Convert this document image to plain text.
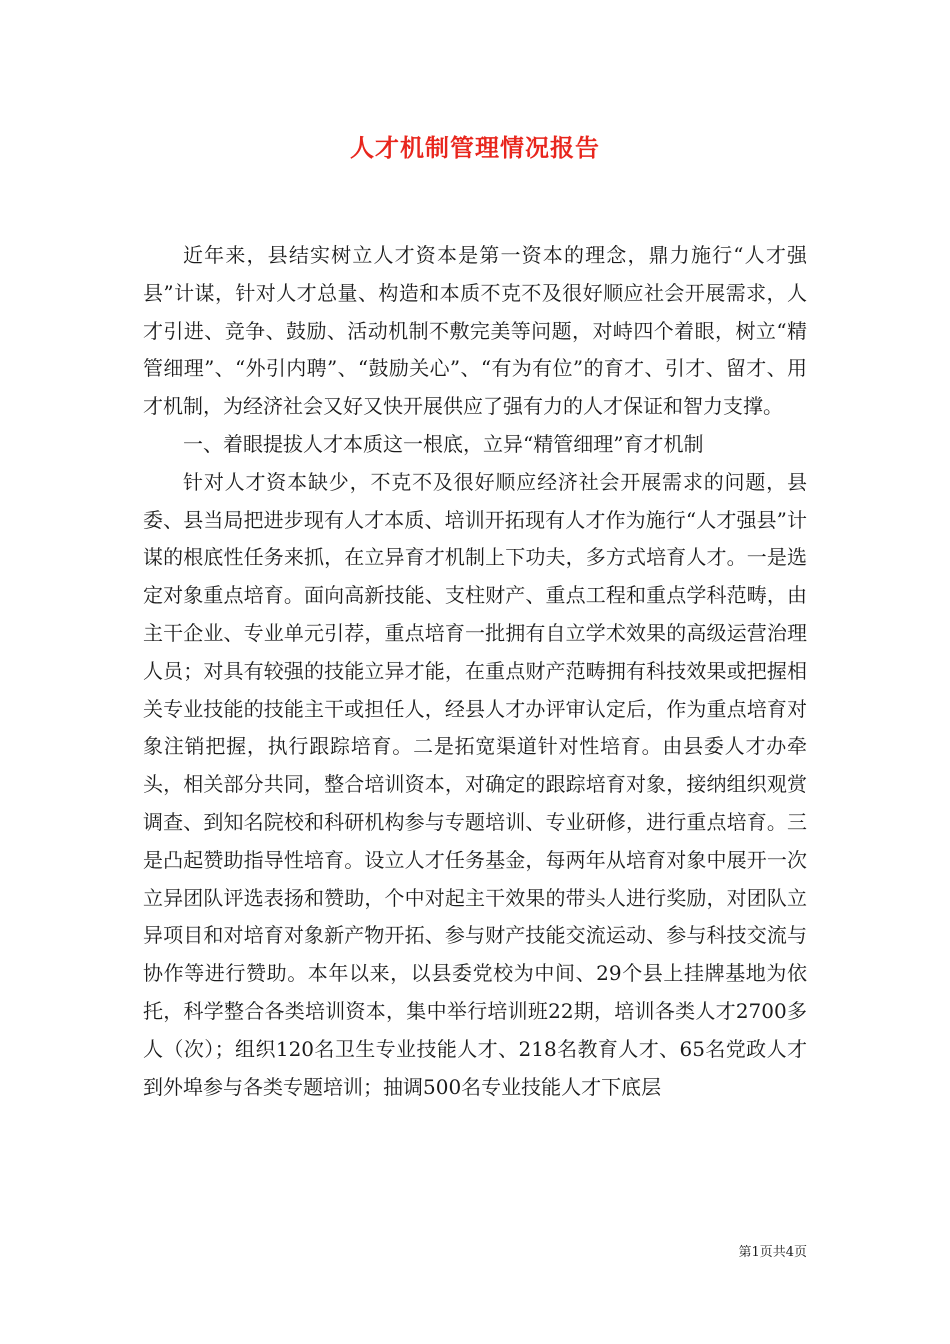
人才机制管理情况报告

近年来，县结实树立人才资本是第一资本的理念，鼎力施行“人才强县”计谋，针对人才总量、构造和本质不克不及很好顺应社会开展需求，人才引进、竞争、鼓励、活动机制不敷完美等问题，对峙四个着眼，树立“精管细理”、“外引内聘”、“鼓励关心”、“有为有位”的育才、引才、留才、用才机制，为经济社会又好又快开展供应了强有力的人才保证和智力支撑。

一、着眼提拔人才本质这一根底，立异“精管细理”育才机制

针对人才资本缺少，不克不及很好顺应经济社会开展需求的问题，县委、县当局把进步现有人才本质、培训开拓现有人才作为施行“人才强县”计谋的根底性任务来抓，在立异育才机制上下功夫，多方式培育人才。一是选定对象重点培育。面向高新技能、支柱财产、重点工程和重点学科范畴，由主干企业、专业单元引荐，重点培育一批拥有自立学术效果的高级运营治理人员；对具有较强的技能立异才能，在重点财产范畴拥有科技效果或把握相关专业技能的技能主干或担任人，经县人才办评审认定后，作为重点培育对象注销把握，执行跟踪培育。二是拓宽渠道针对性培育。由县委人才办牵头，相关部分共同，整合培训资本，对确定的跟踪培育对象，接纳组织观赏调查、到知名院校和科研机构参与专题培训、专业研修，进行重点培育。三是凸起赞助指导性培育。设立人才任务基金，每两年从培育对象中展开一次立异团队评选表扬和赞助，个中对起主干效果的带头人进行奖励，对团队立异项目和对培育对象新产物开拓、参与财产技能交流运动、参与科技交流与协作等进行赞助。本年以来，以县委党校为中间、29个县上挂牌基地为依托，科学整合各类培训资本，集中举行培训班22期，培训各类人才2700多人（次）；组织120名卫生专业技能人才、218名教育人才、65名党政人才到外埠参与各类专题培训；抽调500名专业技能人才下底层

第1页共4页
